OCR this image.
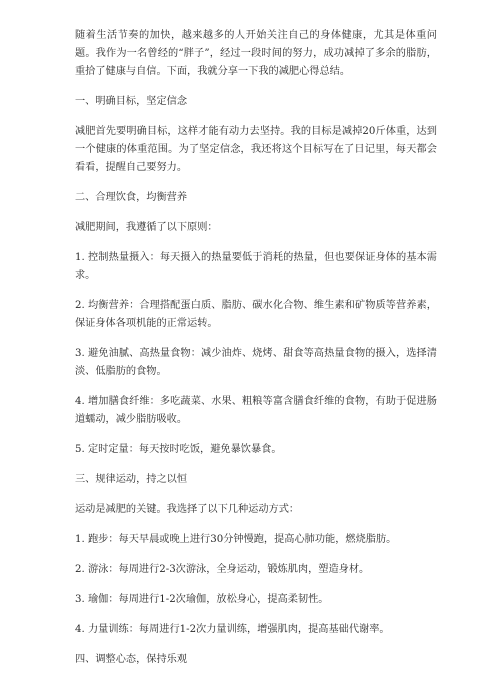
随着生活节奏的加快，越来越多的人开始关注自己的身体健康，尤其是体重问题。我作为一名曾经的“胖子”，经过一段时间的努力，成功减掉了多余的脂肪，重拾了健康与自信。下面，我就分享一下我的减肥心得总结。

一、明确目标，坚定信念

减肥首先要明确目标，这样才能有动力去坚持。我的目标是减掉20斤体重，达到一个健康的体重范围。为了坚定信念，我还将这个目标写在了日记里，每天都会看看，提醒自己要努力。

二、合理饮食，均衡营养

减肥期间，我遵循了以下原则：

1. 控制热量摄入：每天摄入的热量要低于消耗的热量，但也要保证身体的基本需求。

2. 均衡营养：合理搭配蛋白质、脂肪、碳水化合物、维生素和矿物质等营养素，保证身体各项机能的正常运转。

3. 避免油腻、高热量食物：减少油炸、烧烤、甜食等高热量食物的摄入，选择清淡、低脂肪的食物。

4. 增加膳食纤维：多吃蔬菜、水果、粗粮等富含膳食纤维的食物，有助于促进肠道蠕动，减少脂肪吸收。

5. 定时定量：每天按时吃饭，避免暴饮暴食。

三、规律运动，持之以恒

运动是减肥的关键。我选择了以下几种运动方式：

1. 跑步：每天早晨或晚上进行30分钟慢跑，提高心肺功能，燃烧脂肪。

2. 游泳：每周进行2-3次游泳，全身运动，锻炼肌肉，塑造身材。

3. 瑜伽：每周进行1-2次瑜伽，放松身心，提高柔韧性。

4. 力量训练：每周进行1-2次力量训练，增强肌肉，提高基础代谢率。

四、调整心态，保持乐观
